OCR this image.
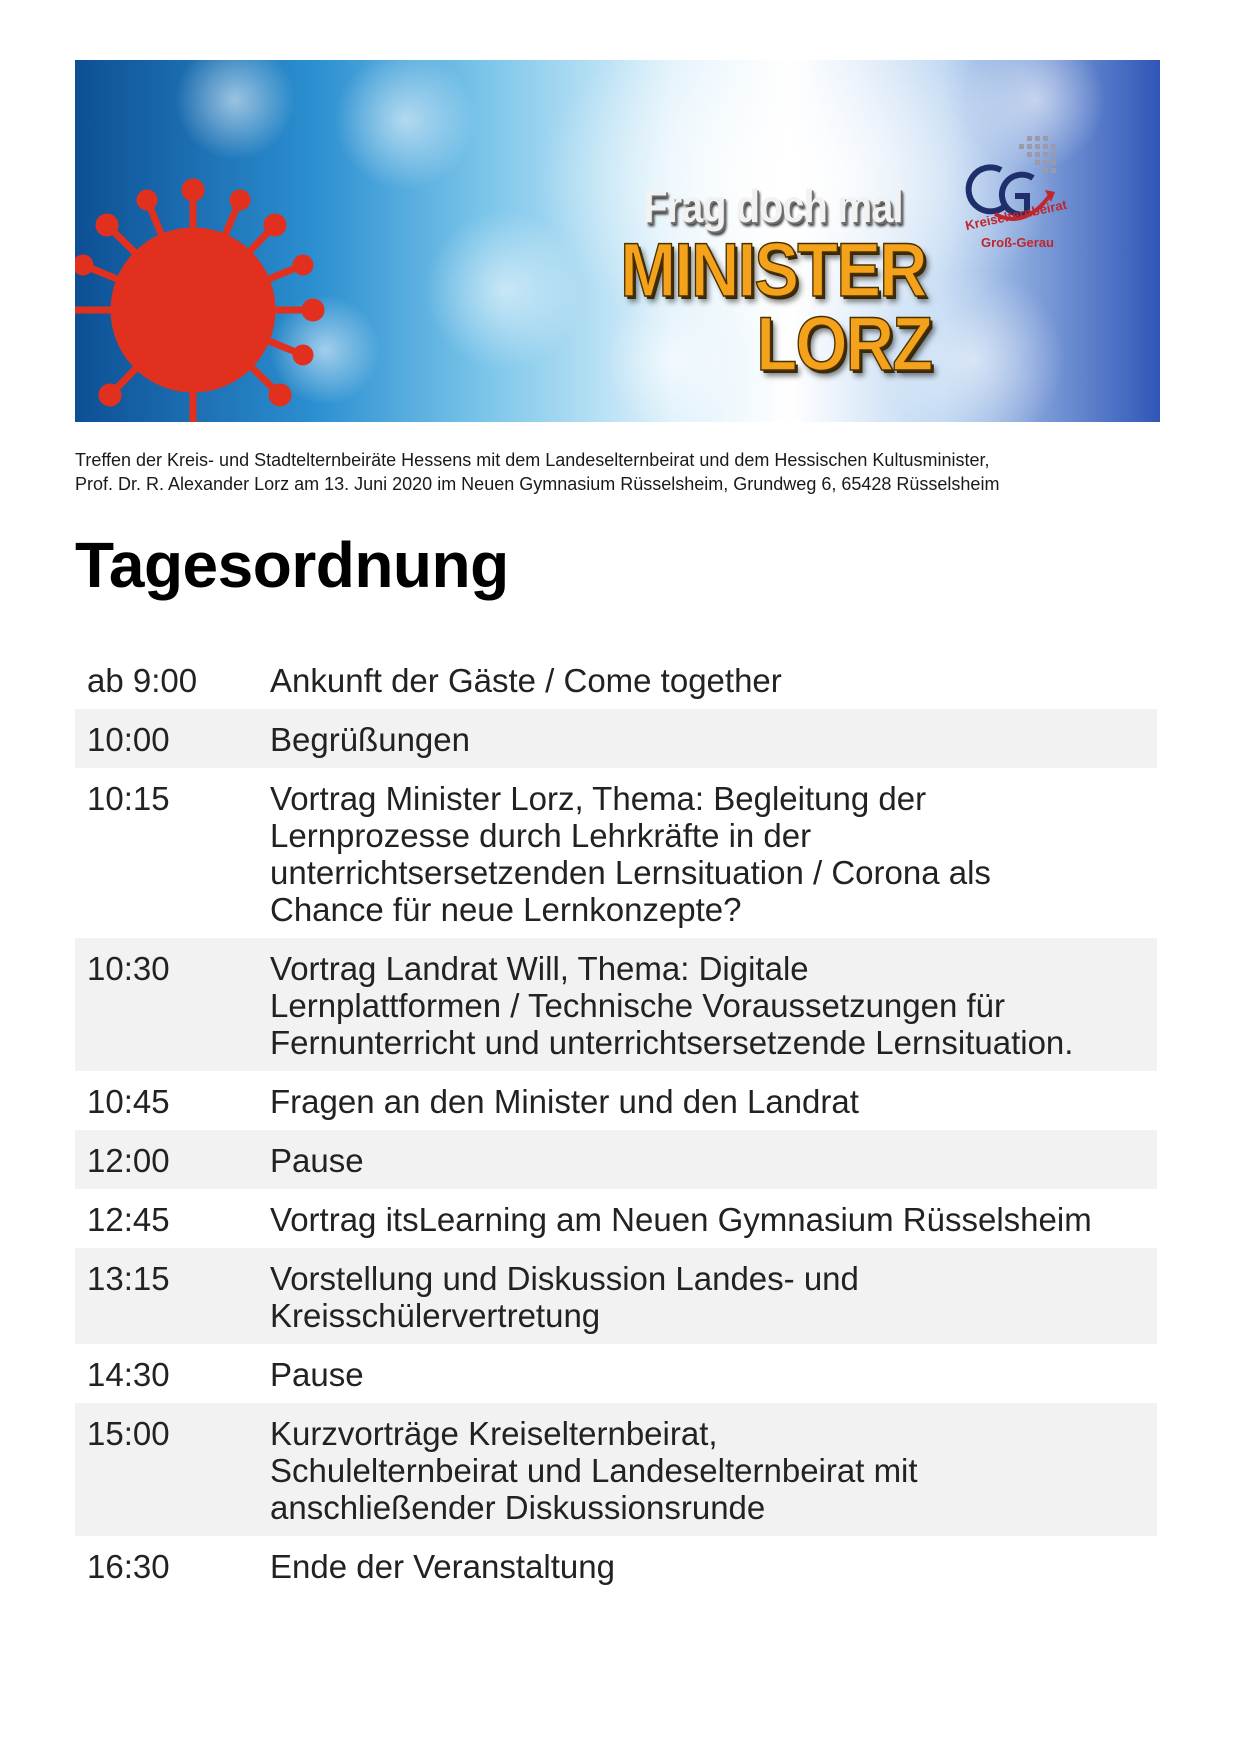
Frag doch mal
MINISTER
LORZ
Kreiselternbeirat
Groß-Gerau
Treffen der Kreis- und Stadtelternbeiräte Hessens mit dem Landeselternbeirat und dem Hessischen Kultusminister,
Prof. Dr. R. Alexander Lorz am 13. Juni 2020 im Neuen Gymnasium Rüsselsheim, Grundweg 6, 65428 Rüsselsheim
Tagesordnung
ab 9:00	Ankunft der Gäste / Come together
10:00	Begrüßungen
10:15	Vortrag Minister Lorz, Thema: Begleitung der
Lernprozesse durch Lehrkräfte in der
unterrichtsersetzenden Lernsituation / Corona als
Chance für neue Lernkonzepte?
10:30	Vortrag Landrat Will, Thema: Digitale
Lernplattformen / Technische Voraussetzungen für
Fernunterricht und unterrichtsersetzende Lernsituation.
10:45	Fragen an den Minister und den Landrat
12:00	Pause
12:45	Vortrag itsLearning am Neuen Gymnasium Rüsselsheim
13:15	Vorstellung und Diskussion Landes- und
Kreisschülervertretung
14:30	Pause
15:00	Kurzvorträge Kreiselternbeirat,
Schulelternbeirat und Landeselternbeirat mit
anschließender Diskussionsrunde
16:30	Ende der Veranstaltung
